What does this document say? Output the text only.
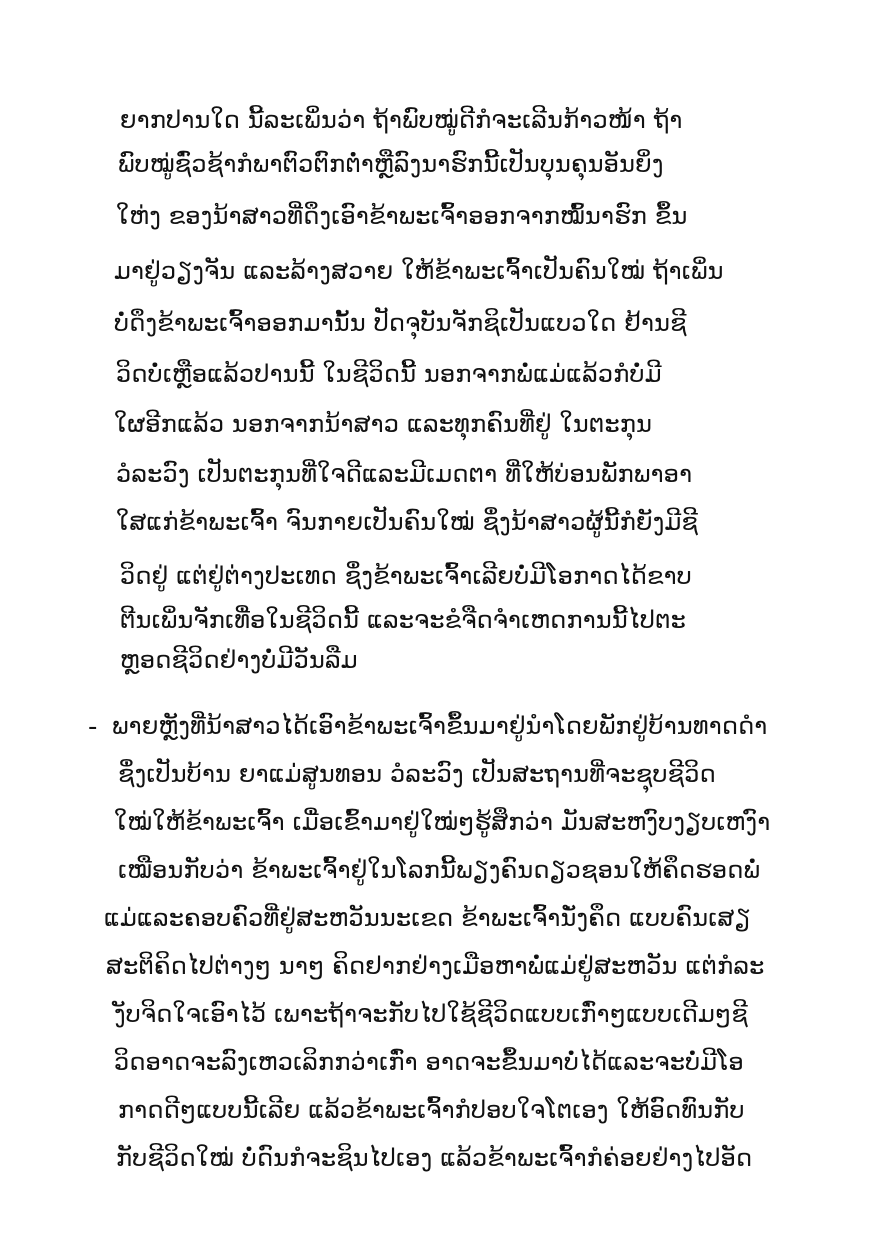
ຍາກປານໃດ ນີ້ລະເພິ່ນວ່າ ຖ້າພົບໝູ່ດີກໍຈະເລີນກ້າວໜ້າ ຖ້າ
ພົບໝູ່ຊົ່ວຊ້າກໍພາຕົວຕົກຕ່ຳຫຼືລົງນາຮົກນີ້ເປັນບຸນຄຸນອັນຍິ່ງ
ໃຫ່ງ ຂອງນ້າສາວທີ່ດຶງເອົາຂ້າພະເຈົ້າອອກຈາກໝົ້ນາຮົກ ຂຶ້ນ
ມາຢູ່ວຽງຈັນ ແລະລ້າງສວາຍ ໃຫ້ຂ້າພະເຈົ້າເປັນຄົນໃໝ່ ຖ້າເພິ່ນ
ບໍ່ດຶງຂ້າພະເຈົ້າອອກມານັ້ນ ປັດຈຸບັນຈັກຊິເປັນແບວໃດ ຢ້ານຊີ
ວິດບໍ່ເຫຼືອແລ້ວປານນີ້ ໃນຊີວິດນີ້ ນອກຈາກພໍ່ແມ່ແລ້ວກໍບໍ່ມີ
ໃຜອີກແລ້ວ ນອກຈາກນ້າສາວ ແລະທຸກຄົນທີ່ຢູ່ ໃນຕະກຸນ
ວໍລະວົງ ເປັນຕະກຸນທີ່ໃຈດີແລະມີເມດຕາ ທີ່ໃຫ້ບ່ອນພັກພາອາ
ໃສແກ່ຂ້າພະເຈົ້າ ຈົນກາຍເປັນຄົນໃໝ່ ຊຶ່ງນ້າສາວຜູ້ນີ້ກໍຍັງມີຊີ
ວິດຢູ່ ແຕ່ຢູ່ຕ່າງປະເທດ ຊຶ່ງຂ້າພະເຈົ້າເລີຍບໍ່ມີໂອກາດໄດ້ຂາບ
ຕີນເພິ່ນຈັກເທື່ອໃນຊີວິດນີ້ ແລະຈະຂໍຈືດຈຳເຫດການນີ້ໄປຕະ
ຫຼອດຊີວິດຢ່າງບໍ່ມີວັນລືມ
- ພາຍຫຼັງທີ່ນ້າສາວໄດ້ເອົາຂ້າພະເຈົ້າຂຶ້ນມາຢູ່ນຳໂດຍພັກຢູ່ບ້ານທາດດຳ
ຊຶ່ງເປັນບ້ານ ຍາແມ່ສູນທອນ ວໍລະວົງ ເປັນສະຖານທີ່ຈະຊຸບຊີວິດ
ໃໝ່ໃຫ້ຂ້າພະເຈົ້າ ເມື່ອເຂົ້າມາຢູ່ໃໝ່ໆຮູ້ສຶກວ່າ ມັນສະຫງົບງຽບເຫງົາ
ເໝືອນກັບວ່າ ຂ້າພະເຈົ້າຢູ່ໃນໂລກນີ້ພຽງຄົນດຽວຊອນໃຫ້ຄຶດຮອດພໍ່
ແມ່ແລະຄອບຄົວທີ່ຢູ່ສະຫວັນນະເຂດ ຂ້າພະເຈົ້ານັ່ງຄຶດ ແບບຄົນເສຽ
ສະຕິຄິດໄປຕ່າງໆ ນາໆ ຄິດຢາກຢ່າງເມືອຫາພໍ່ແມ່ຢູ່ສະຫວັນ ແຕ່ກໍລະ
ງັບຈິດໃຈເອົາໄວ້ ເພາະຖ້າຈະກັບໄປໃຊ້ຊີວິດແບບເກົ່າໆແບບເດີມໆຊີ
ວິດອາດຈະລົງເຫວເລິກກວ່າເກົ່າ ອາດຈະຂຶ້ນມາບໍ່ໄດ້ແລະຈະບໍ່ມີໂອ
ກາດດີໆແບບນີ້ເລີຍ ແລ້ວຂ້າພະເຈົ້າກໍປອບໃຈໂຕເອງ ໃຫ້ອົດທົນກັບ
ກັບຊີວິດໃໝ່ ບໍ່ດົນກໍຈະຊິນໄປເອງ ແລ້ວຂ້າພະເຈົ້າກໍຄ່ອຍຢ່າງໄປອັດ
